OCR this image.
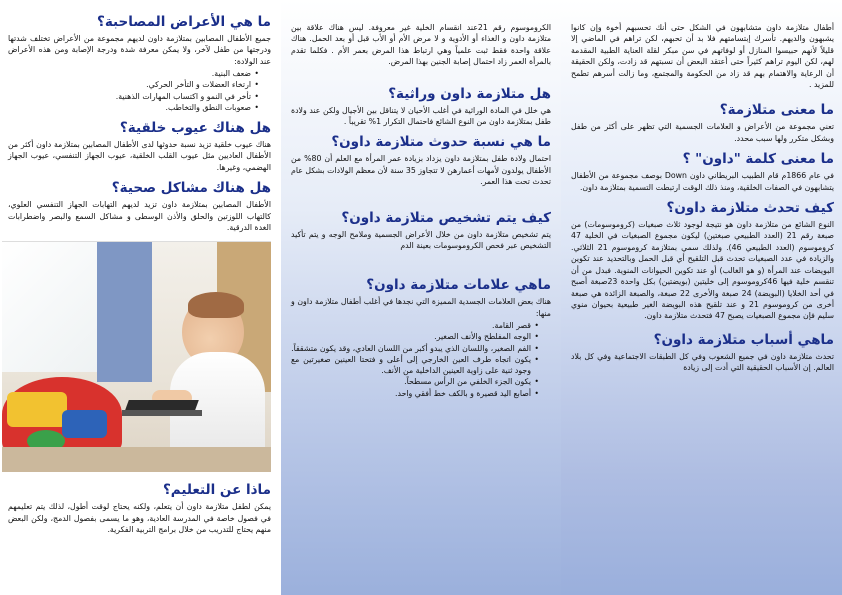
ما هي الأعراض المصاحبة؟

جميع الأطفال المصابين بمتلازمة داون لديهم مجموعة من الأعراض تختلف شدتها ودرجتها من طفل لآخر، ولا يمكن معرفة شدة ودرجة الإصابة ومن هذه الأعراض عند الولادة:

• ضعف البنية.
• ارتخاء العضلات و التأخر الحركي.
• تأخر في النمو و اكتساب المهارات الذهنية.
• صعوبات النطق والتخاطب.
هل هناك عيوب خلقية؟

هناك عيوب خلقية تزيد نسبة حدوثها لدى الأطفال المصابين بمتلازمة داون أكثر من الأطفال العاديين مثل عيوب القلب الخلقية، عيوب الجهاز التنفسي، عيوب الجهاز الهضمي، وغيرها.

هل هناك مشاكل صحية؟

الأطفال المصابين بمتلازمة داون تزيد لديهم التهابات الجهاز التنفسي العلوي، كالتهاب اللوزتين والحلق والأذن الوسطى و مشاكل السمع والبصر واضطرابات الغدة الدرقية.

ماذا عن التعليم؟

يمكن لطفل متلازمة داون أن يتعلم، ولكنه يحتاج لوقت أطول، لذلك يتم تعليمهم في فصول خاصة في المدرسة العادية، وهو ما يسمى بفصول الدمج، ولكن البعض منهم يحتاج للتدريب من خلال برامج التربية الفكرية.

الكروموسوم رقم 21عند انقسام الخلية غير معروفة. ليس هناك علاقة بين متلازمة داون و الغذاء أو الأدوية و لا مرض الأم أو الأب قبل أو بعد الحمل. هناك علاقة واحدة فقط ثبت علمياً وهي ارتباط هذا المرض بعمر الأم . فكلما تقدم بالمرأة العمر زاد احتمال إصابة الجنين بهذا المرض.

هل متلازمة داون وراثية؟

هي خلل في المادة الوراثية في أغلب الأحيان لا يتناقل بين الأجيال ولكن عند ولادة طفل بمتلازمة داون من النوع الشائع فاحتمال التكرار 1% تقريباً .

ما هي نسبة حدوث متلازمة داون؟

احتمال ولادة طفل بمتلازمة داون يزداد بزيادة عمر المرأة مع العلم أن 80% من الأطفال يولدون لأمهات أعمارهن لا تتجاوز 35 سنة لأن معظم الولادات بشكل عام تحدث تحت هذا العمر.

كيف يتم تشخيص متلازمة داون؟

يتم تشخيص متلازمة داون من خلال الأعراض الجسمية وملامح الوجه و يتم تأكيد التشخيص عبر فحص الكروموسومات بعينة الدم

ماهي علامات متلازمة داون؟

هناك بعض العلامات الجسدية المميزة التي نجدها في أغلب أطفال متلازمة داون و منها:

• قصر القامة.
• الوجه المفلطح والأنف الصغير.
• الفم الصغير، واللسان الذي يبدو أكبر من اللسان العادي، وقد يكون متشققاً.
• يكون اتجاه طرف العين الخارجي إلى أعلى و فتحتا العينين صغيرتين مع وجود ثنية على زاوية العينين الداخلية من الأنف.
• يكون الجزء الخلفي من الرأس مسطحاً.
• أصابع اليد قصيرة و بالكف خط أفقي واحد.

أطفال متلازمة داون متشابهون في الشكل حتى أنك تحسبهم أخوة وإن كانوا يشبهون والديهم. تأسرك إبتسامتهم فلا بد أن تحبهم، لكن تراهم في الماضي إلا قليلاً لأنهم حبيسوا المنازل أو لوفاتهم في سن مبكر لقلة العناية الطبية المقدمة لهم، لكن اليوم تراهم كثيراً حتى أعتقد البعض أن نسبتهم قد زادت، ولكن الحقيقة أن الرعاية والاهتمام بهم قد زاد من الحكومة والمجتمع، وما زالت أسرهم تطمح للمزيد .

ما معنى متلازمة؟

تعني مجموعة من الأعراض و العلامات الجسمية التي تظهر على أكثر من طفل وبشكل متكرر ولها سبب محدد.

ما معنى كلمة "داون" ؟

في عام 1866م قام الطبيب البريطاني داون Down بوصف مجموعة من الأطفال يتشابهون في الصفات الخلقية، ومنذ ذلك الوقت ارتبطت التسمية بمتلازمة داون.

كيف تحدث متلازمة داون؟

النوع الشائع من متلازمة داون هو نتيجة لوجود ثلاث صبغيات (كروموسومات) من صبغة رقم 21 (العدد الطبيعي صبغتين) ليكون مجموع الصبغيات في الخلية 47 كروموسوم (العدد الطبيعي 46). ولذلك سمي بمتلازمة كروموسوم 21 الثلاثي. والزيادة في عدد الصبغيات تحدث قبل التلقيح أي قبل الحمل وبالتحديد عند تكوين البويضات عند المرأة (و هو الغالب) أو عند تكوين الحيوانات المنوية. فبدل من أن تنقسم خلية فيها 46كروموسوم إلى خليتين (بويضتين) بكل واحدة 23صبغة أصبح في أحد الخلايا (البويضة) 24 صبغة والأخرى 22 صبغة، والصبغة الزائدة هي صبغة أخرى من كروموسوم 21 و عند تلقيح هذه البويضة الغير طبيعية بحيوان منوي سليم فإن مجموع الصبغيات يصبح 47 فتحدث متلازمة داون.

ماهي أسباب متلازمة داون؟

تحدث متلازمة داون في جميع الشعوب وفي كل الطبقات الاجتماعية وفي كل بلاد العالم. إن الأسباب الحقيقية التي أدت إلى زيادة
